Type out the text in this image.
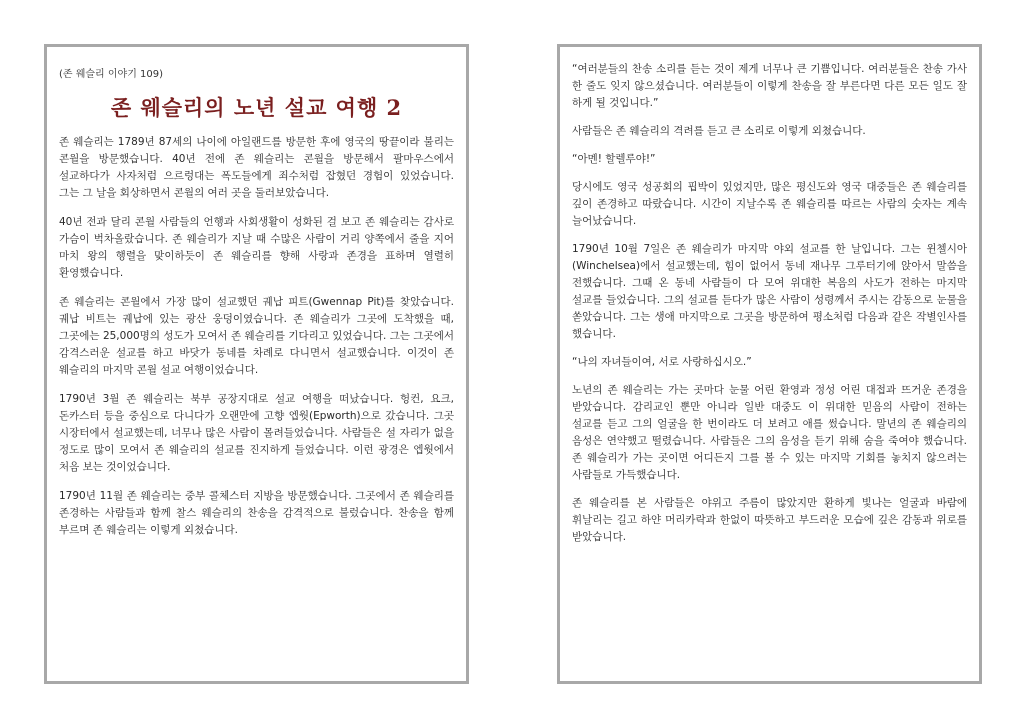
(존 웨슬리 이야기 109)
존 웨슬리의 노년 설교 여행 2

존 웨슬리는 1789년 87세의 나이에 아일랜드를 방문한 후에 영국의 땅끝이라 불리는 콘월을 방문했습니다. 40년 전에 존 웨슬리는 콘월을 방문해서 팔마우스에서 설교하다가 사자처럼 으르렁대는 폭도들에게 죄수처럼 잡혔던 경험이 있었습니다. 그는 그 날을 회상하면서 콘월의 여러 곳을 둘러보았습니다.

40년 전과 달리 콘월 사람들의 언행과 사회생활이 성화된 걸 보고 존 웨슬리는 감사로 가슴이 벅차올랐습니다. 존 웨슬리가 지날 때 수많은 사람이 거리 양쪽에서 줄을 지어 마치 왕의 행렬을 맞이하듯이 존 웨슬리를 향해 사랑과 존경을 표하며 열렬히 환영했습니다.

존 웨슬리는 콘월에서 가장 많이 설교했던 궤납 피트(Gwennap Pit)를 찾았습니다. 궤납 비트는 궤납에 있는 광산 웅덩이였습니다. 존 웨슬리가 그곳에 도착했을 때, 그곳에는 25,000명의 성도가 모여서 존 웨슬리를 기다리고 있었습니다. 그는 그곳에서 감격스러운 설교를 하고 바닷가 동네를 차례로 다니면서 설교했습니다. 이것이 존 웨슬리의 마지막 콘월 설교 여행이었습니다.

1790년 3월 존 웨슬리는 북부 공장지대로 설교 여행을 떠났습니다. 헝컨, 요크, 돈카스터 등을 중심으로 다니다가 오랜만에 고향 엡웟(Epworth)으로 갔습니다. 그곳 시장터에서 설교했는데, 너무나 많은 사람이 몰려들었습니다. 사람들은 설 자리가 없을 정도로 많이 모여서 존 웨슬리의 설교를 진지하게 들었습니다. 이런 광경은 엡웟에서 처음 보는 것이었습니다.

1790년 11월 존 웨슬리는 중부 콜체스터 지방을 방문했습니다. 그곳에서 존 웨슬리를 존경하는 사람들과 함께 찰스 웨슬리의 찬송을 감격적으로 불렀습니다. 찬송을 함께 부르며 존 웨슬리는 이렇게 외쳤습니다.

“여러분들의 찬송 소리를 듣는 것이 제게 너무나 큰 기쁨입니다. 여러분들은 찬송 가사 한 줄도 잊지 않으셨습니다. 여러분들이 이렇게 찬송을 잘 부른다면 다른 모든 일도 잘 하게 될 것입니다.”

사람들은 존 웨슬리의 격려를 듣고 큰 소리로 이렇게 외쳤습니다.

“아멘! 할렐루야!”

당시에도 영국 성공회의 핍박이 있었지만, 많은 평신도와 영국 대중들은 존 웨슬리를 깊이 존경하고 따랐습니다. 시간이 지날수록 존 웨슬리를 따르는 사람의 숫자는 계속 늘어났습니다.

1790년 10월 7일은 존 웨슬리가 마지막 야외 설교를 한 날입니다. 그는 윈첼시아(Winchelsea)에서 설교했는데, 힘이 없어서 동네 재나무 그루터기에 앉아서 말씀을 전했습니다. 그때 온 동네 사람들이 다 모여 위대한 복음의 사도가 전하는 마지막 설교를 들었습니다. 그의 설교를 듣다가 많은 사람이 성령께서 주시는 감동으로 눈물을 쏟았습니다. 그는 생애 마지막으로 그곳을 방문하여 평소처럼 다음과 같은 작별인사를 했습니다.

“나의 자녀들이여, 서로 사랑하십시오.”

노년의 존 웨슬리는 가는 곳마다 눈물 어린 환영과 정성 어린 대접과 뜨거운 존경을 받았습니다. 감리교인 뿐만 아니라 일반 대중도 이 위대한 믿음의 사람이 전하는 설교를 듣고 그의 얼굴을 한 번이라도 더 보려고 애를 썼습니다. 말년의 존 웨슬리의 음성은 연약했고 떨렸습니다. 사람들은 그의 음성을 듣기 위해 숨을 죽여야 했습니다. 존 웨슬리가 가는 곳이면 어디든지 그를 볼 수 있는 마지막 기회를 놓치지 않으려는 사람들로 가득했습니다.

존 웨슬리를 본 사람들은 야위고 주름이 많았지만 환하게 빛나는 얼굴과 바람에 휘날리는 길고 하얀 머리카락과 한없이 따뜻하고 부드러운 모습에 깊은 감동과 위로를 받았습니다.
